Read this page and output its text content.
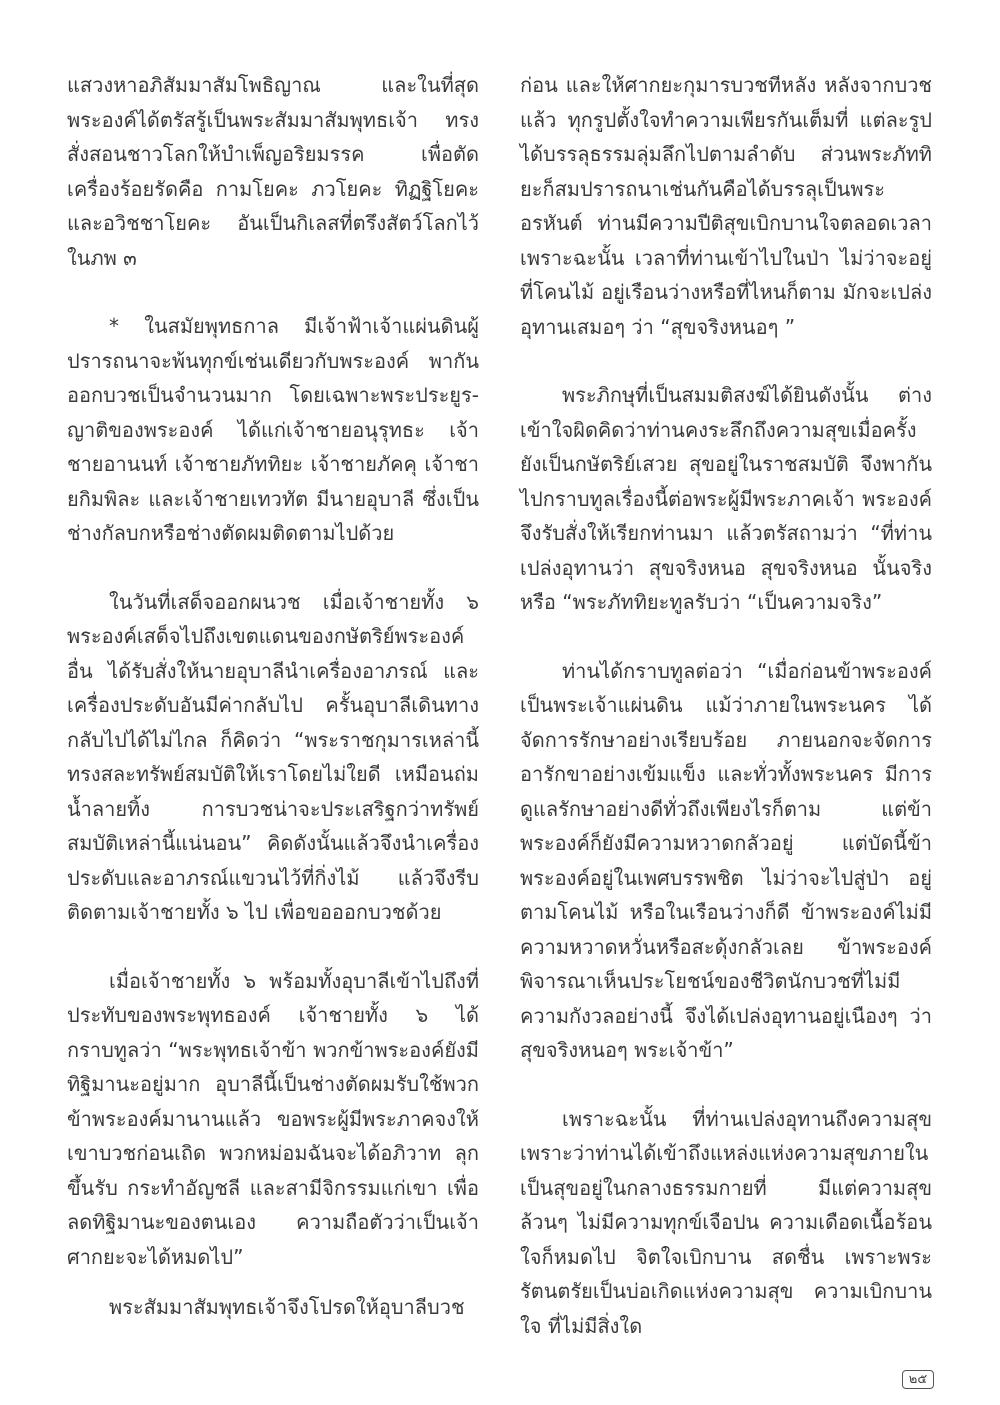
แสวงหาอภิสัมมาสัมโพธิญาณ และในที่สุด พระองค์ได้ตรัสรู้เป็นพระสัมมาสัมพุทธเจ้า ทรงสั่งสอนชาวโลกให้บำเพ็ญอริยมรรค เพื่อตัดเครื่องร้อยรัดคือ กามโยคะ ภวโยคะ ทิฏฐิโยคะ และอวิชชาโยคะ อันเป็นกิเลสที่ตรึงสัตว์โลกไว้ในภพ ๓

* ในสมัยพุทธกาล มีเจ้าฟ้าเจ้าแผ่นดินผู้ปรารถนาจะพ้นทุกข์เช่นเดียวกับพระองค์ พากันออกบวชเป็นจำนวนมาก โดยเฉพาะพระประยูร-ญาติของพระองค์ ได้แก่เจ้าชายอนุรุทธะ เจ้าชายอานนท์ เจ้าชายภัททิยะ เจ้าชายภัคคุ เจ้าชายกิมพิละ และเจ้าชายเทวทัต มีนายอุบาลี ซึ่งเป็นช่างกัลบกหรือช่างตัดผมติดตามไปด้วย

ในวันที่เสด็จออกผนวช เมื่อเจ้าชายทั้ง ๖ พระองค์เสด็จไปถึงเขตแดนของกษัตริย์พระองค์อื่น ได้รับสั่งให้นายอุบาลีนำเครื่องอาภรณ์ และเครื่องประดับอันมีค่ากลับไป ครั้นอุบาลีเดินทางกลับไปได้ไม่ไกล ก็คิดว่า “พระราชกุมารเหล่านี้ทรงสละทรัพย์สมบัติให้เราโดยไม่ใยดี เหมือนถ่มน้ำลายทิ้ง การบวชน่าจะประเสริฐกว่าทรัพย์สมบัติเหล่านี้แน่นอน” คิดดังนั้นแล้วจึงนำเครื่องประดับและอาภรณ์แขวนไว้ที่กิ่งไม้ แล้วจึงรีบติดตามเจ้าชายทั้ง ๖ ไป เพื่อขอออกบวชด้วย

เมื่อเจ้าชายทั้ง ๖ พร้อมทั้งอุบาลีเข้าไปถึงที่ประทับของพระพุทธองค์ เจ้าชายทั้ง ๖ ได้กราบทูลว่า “พระพุทธเจ้าข้า พวกข้าพระองค์ยังมีทิฐิมานะอยู่มาก อุบาลีนี้เป็นช่างตัดผมรับใช้พวกข้าพระองค์มานานแล้ว ขอพระผู้มีพระภาคจงให้เขาบวชก่อนเถิด พวกหม่อมฉันจะได้อภิวาท ลุกขึ้นรับ กระทำอัญชลี และสามีจิกรรมแก่เขา เพื่อลดทิฐิมานะของตนเอง ความถือตัวว่าเป็นเจ้าศากยะจะได้หมดไป”

พระสัมมาสัมพุทธเจ้าจึงโปรดให้อุบาลีบวช

ก่อน และให้ศากยะกุมารบวชทีหลัง หลังจากบวชแล้ว ทุกรูปตั้งใจทำความเพียรกันเต็มที่ แต่ละรูปได้บรรลุธรรมลุ่มลึกไปตามลำดับ ส่วนพระภัททิยะก็สมปรารถนาเช่นกันคือได้บรรลุเป็นพระอรหันต์ ท่านมีความปีติสุขเบิกบานใจตลอดเวลา เพราะฉะนั้น เวลาที่ท่านเข้าไปในป่า ไม่ว่าจะอยู่ที่โคนไม้ อยู่เรือนว่างหรือที่ไหนก็ตาม มักจะเปล่งอุทานเสมอๆ ว่า “สุขจริงหนอๆ ”

พระภิกษุที่เป็นสมมติสงฆ์ได้ยินดังนั้น ต่างเข้าใจผิดคิดว่าท่านคงระลึกถึงความสุขเมื่อครั้งยังเป็นกษัตริย์เสวย สุขอยู่ในราชสมบัติ จึงพากันไปกราบทูลเรื่องนี้ต่อพระผู้มีพระภาคเจ้า พระองค์จึงรับสั่งให้เรียกท่านมา แล้วตรัสถามว่า “ที่ท่านเปล่งอุทานว่า สุขจริงหนอ สุขจริงหนอ นั้นจริงหรือ “พระภัททิยะทูลรับว่า “เป็นความจริง”

ท่านได้กราบทูลต่อว่า “เมื่อก่อนข้าพระองค์เป็นพระเจ้าแผ่นดิน แม้ว่าภายในพระนคร ได้จัดการรักษาอย่างเรียบร้อย ภายนอกจะจัดการอารักขาอย่างเข้มแข็ง และทั่วทั้งพระนคร มีการดูแลรักษาอย่างดีทั่วถึงเพียงไรก็ตาม แต่ข้าพระองค์ก็ยังมีความหวาดกลัวอยู่ แต่บัดนี้ข้าพระองค์อยู่ในเพศบรรพชิต ไม่ว่าจะไปสู่ป่า อยู่ตามโคนไม้ หรือในเรือนว่างก็ดี ข้าพระองค์ไม่มีความหวาดหวั่นหรือสะดุ้งกลัวเลย ข้าพระองค์พิจารณาเห็นประโยชน์ของชีวิตนักบวชที่ไม่มีความกังวลอย่างนี้ จึงได้เปล่งอุทานอยู่เนืองๆ ว่า สุขจริงหนอๆ พระเจ้าข้า”

เพราะฉะนั้น ที่ท่านเปล่งอุทานถึงความสุข เพราะว่าท่านได้เข้าถึงแหล่งแห่งความสุขภายในเป็นสุขอยู่ในกลางธรรมกายที่ มีแต่ความสุขล้วนๆ ไม่มีความทุกข์เจือปน ความเดือดเนื้อร้อนใจก็หมดไป จิตใจเบิกบาน สดชื่น เพราะพระรัตนตรัยเป็นบ่อเกิดแห่งความสุข ความเบิกบานใจ ที่ไม่มีสิ่งใด

๒๕
